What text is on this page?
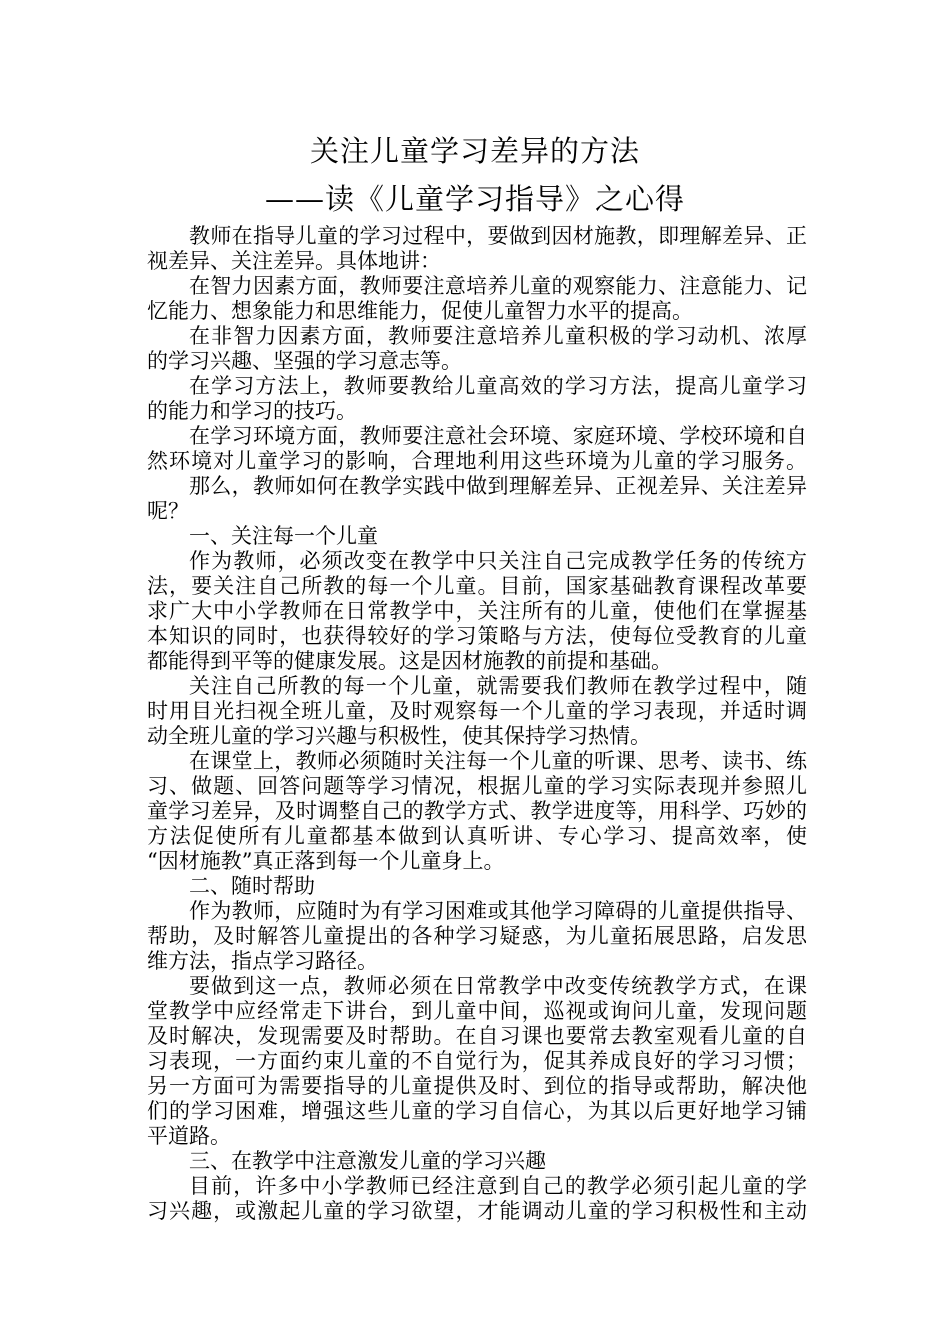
关注儿童学习差异的方法
——读《儿童学习指导》之心得
教师在指导儿童的学习过程中，要做到因材施教，即理解差异、正
视差异、关注差异。具体地讲：
在智力因素方面，教师要注意培养儿童的观察能力、注意能力、记
忆能力、想象能力和思维能力，促使儿童智力水平的提高。
在非智力因素方面，教师要注意培养儿童积极的学习动机、浓厚
的学习兴趣、坚强的学习意志等。
在学习方法上，教师要教给儿童高效的学习方法，提高儿童学习
的能力和学习的技巧。
在学习环境方面，教师要注意社会环境、家庭环境、学校环境和自
然环境对儿童学习的影响，合理地利用这些环境为儿童的学习服务。
那么，教师如何在教学实践中做到理解差异、正视差异、关注差异
呢？
一、关注每一个儿童
作为教师，必须改变在教学中只关注自己完成教学任务的传统方
法，要关注自己所教的每一个儿童。目前，国家基础教育课程改革要
求广大中小学教师在日常教学中，关注所有的儿童，使他们在掌握基
本知识的同时，也获得较好的学习策略与方法，使每位受教育的儿童
都能得到平等的健康发展。这是因材施教的前提和基础。
关注自己所教的每一个儿童，就需要我们教师在教学过程中，随
时用目光扫视全班儿童，及时观察每一个儿童的学习表现，并适时调
动全班儿童的学习兴趣与积极性，使其保持学习热情。
在课堂上，教师必须随时关注每一个儿童的听课、思考、读书、练
习、做题、回答问题等学习情况，根据儿童的学习实际表现并参照儿
童学习差异，及时调整自己的教学方式、教学进度等，用科学、巧妙的
方法促使所有儿童都基本做到认真听讲、专心学习、提高效率，使
“因材施教”真正落到每一个儿童身上。
二、随时帮助
作为教师，应随时为有学习困难或其他学习障碍的儿童提供指导、
帮助，及时解答儿童提出的各种学习疑惑，为儿童拓展思路，启发思
维方法，指点学习路径。
要做到这一点，教师必须在日常教学中改变传统教学方式，在课
堂教学中应经常走下讲台，到儿童中间，巡视或询问儿童，发现问题
及时解决，发现需要及时帮助。在自习课也要常去教室观看儿童的自
习表现，一方面约束儿童的不自觉行为，促其养成良好的学习习惯；
另一方面可为需要指导的儿童提供及时、到位的指导或帮助，解决他
们的学习困难，增强这些儿童的学习自信心，为其以后更好地学习铺
平道路。
三、在教学中注意激发儿童的学习兴趣
目前，许多中小学教师已经注意到自己的教学必须引起儿童的学
习兴趣，或激起儿童的学习欲望，才能调动儿童的学习积极性和主动
